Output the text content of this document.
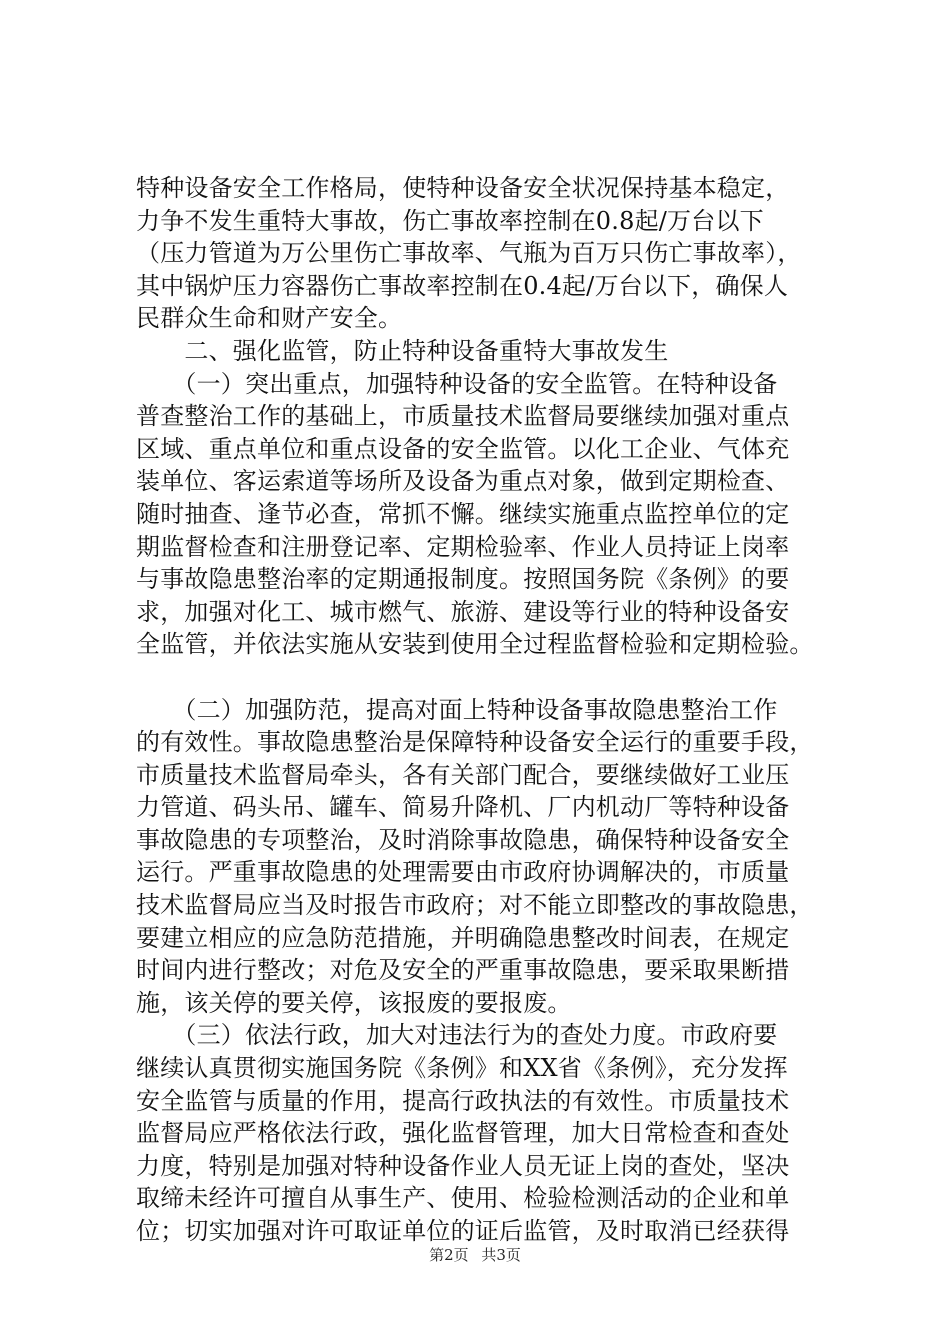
特种设备安全工作格局，使特种设备安全状况保持基本稳定，
力争不发生重特大事故，伤亡事故率控制在0.8起/万台以下
（压力管道为万公里伤亡事故率、气瓶为百万只伤亡事故率），
其中锅炉压力容器伤亡事故率控制在0.4起/万台以下，确保人
民群众生命和财产安全。
　　二、强化监管，防止特种设备重特大事故发生
　　（一）突出重点，加强特种设备的安全监管。在特种设备
普查整治工作的基础上，市质量技术监督局要继续加强对重点
区域、重点单位和重点设备的安全监管。以化工企业、气体充
装单位、客运索道等场所及设备为重点对象，做到定期检查、
随时抽查、逢节必查，常抓不懈。继续实施重点监控单位的定
期监督检查和注册登记率、定期检验率、作业人员持证上岗率
与事故隐患整治率的定期通报制度。按照国务院《条例》的要
求，加强对化工、城市燃气、旅游、建设等行业的特种设备安
全监管，并依法实施从安装到使用全过程监督检验和定期检验。
　　（二）加强防范，提高对面上特种设备事故隐患整治工作
的有效性。事故隐患整治是保障特种设备安全运行的重要手段，
市质量技术监督局牵头，各有关部门配合，要继续做好工业压
力管道、码头吊、罐车、简易升降机、厂内机动厂等特种设备
事故隐患的专项整治，及时消除事故隐患，确保特种设备安全
运行。严重事故隐患的处理需要由市政府协调解决的，市质量
技术监督局应当及时报告市政府；对不能立即整改的事故隐患，
要建立相应的应急防范措施，并明确隐患整改时间表，在规定
时间内进行整改；对危及安全的严重事故隐患，要采取果断措
施，该关停的要关停，该报废的要报废。
　　（三）依法行政，加大对违法行为的查处力度。市政府要
继续认真贯彻实施国务院《条例》和XX省《条例》，充分发挥
安全监管与质量的作用，提高行政执法的有效性。市质量技术
监督局应严格依法行政，强化监督管理，加大日常检查和查处
力度，特别是加强对特种设备作业人员无证上岗的查处，坚决
取缔未经许可擅自从事生产、使用、检验检测活动的企业和单
位；切实加强对许可取证单位的证后监管，及时取消已经获得
第2页 共3页
